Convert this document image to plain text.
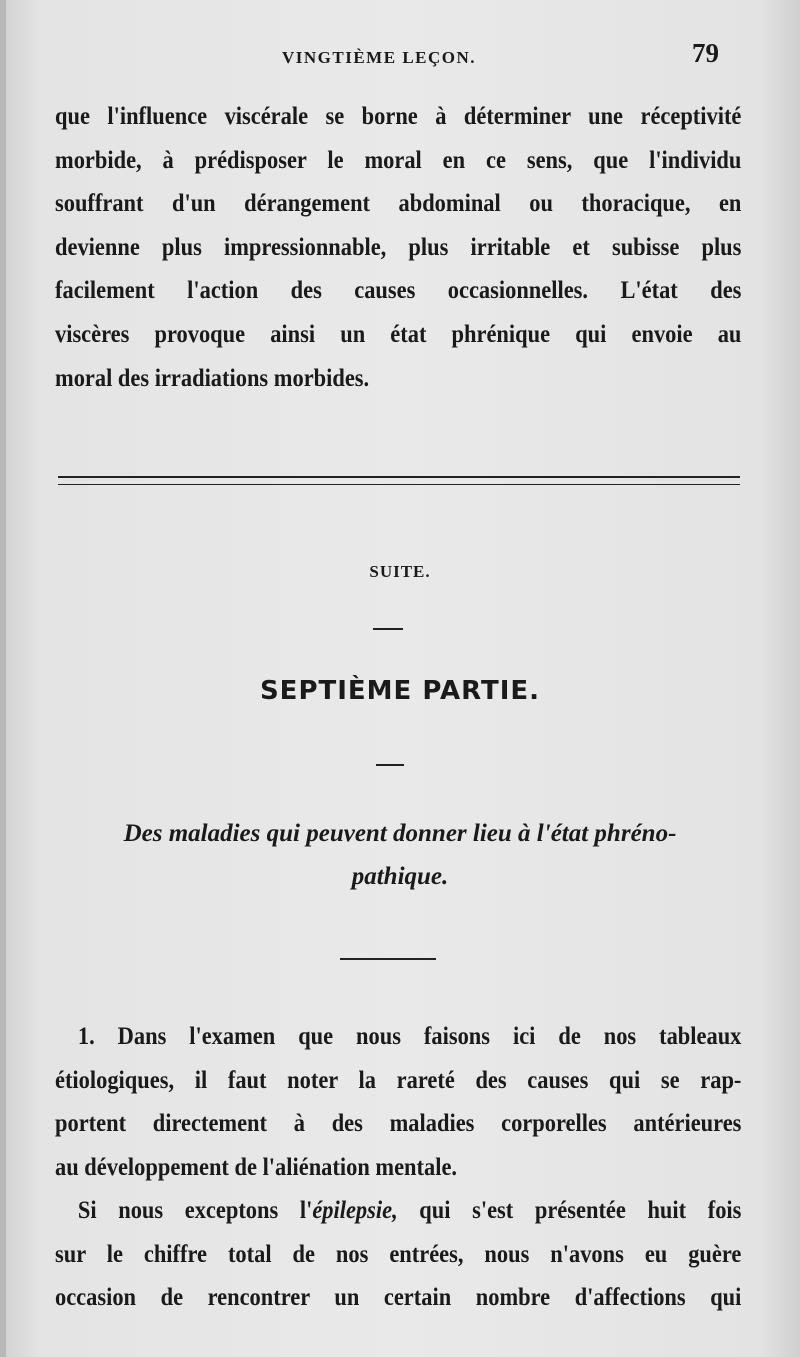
VINGTIÈME LEÇON.	79
que l'influence viscérale se borne à déterminer une réceptivité
morbide, à prédisposer le moral en ce sens, que l'individu
souffrant d'un dérangement abdominal ou thoracique, en
devienne plus impressionnable, plus irritable et subisse plus
facilement l'action des causes occasionnelles. L'état des
viscères provoque ainsi un état phrénique qui envoie au
moral des irradiations morbides.
SUITE.
SEPTIÈME PARTIE.
Des maladies qui peuvent donner lieu à l'état phréno-
pathique.
1. Dans l'examen que nous faisons ici de nos tableaux
étiologiques, il faut noter la rareté des causes qui se rap-
portent directement à des maladies corporelles antérieures
au développement de l'aliénation mentale.
Si nous exceptons l'épilepsie, qui s'est présentée huit fois
sur le chiffre total de nos entrées, nous n'avons eu guère
occasion de rencontrer un certain nombre d'affections qui
